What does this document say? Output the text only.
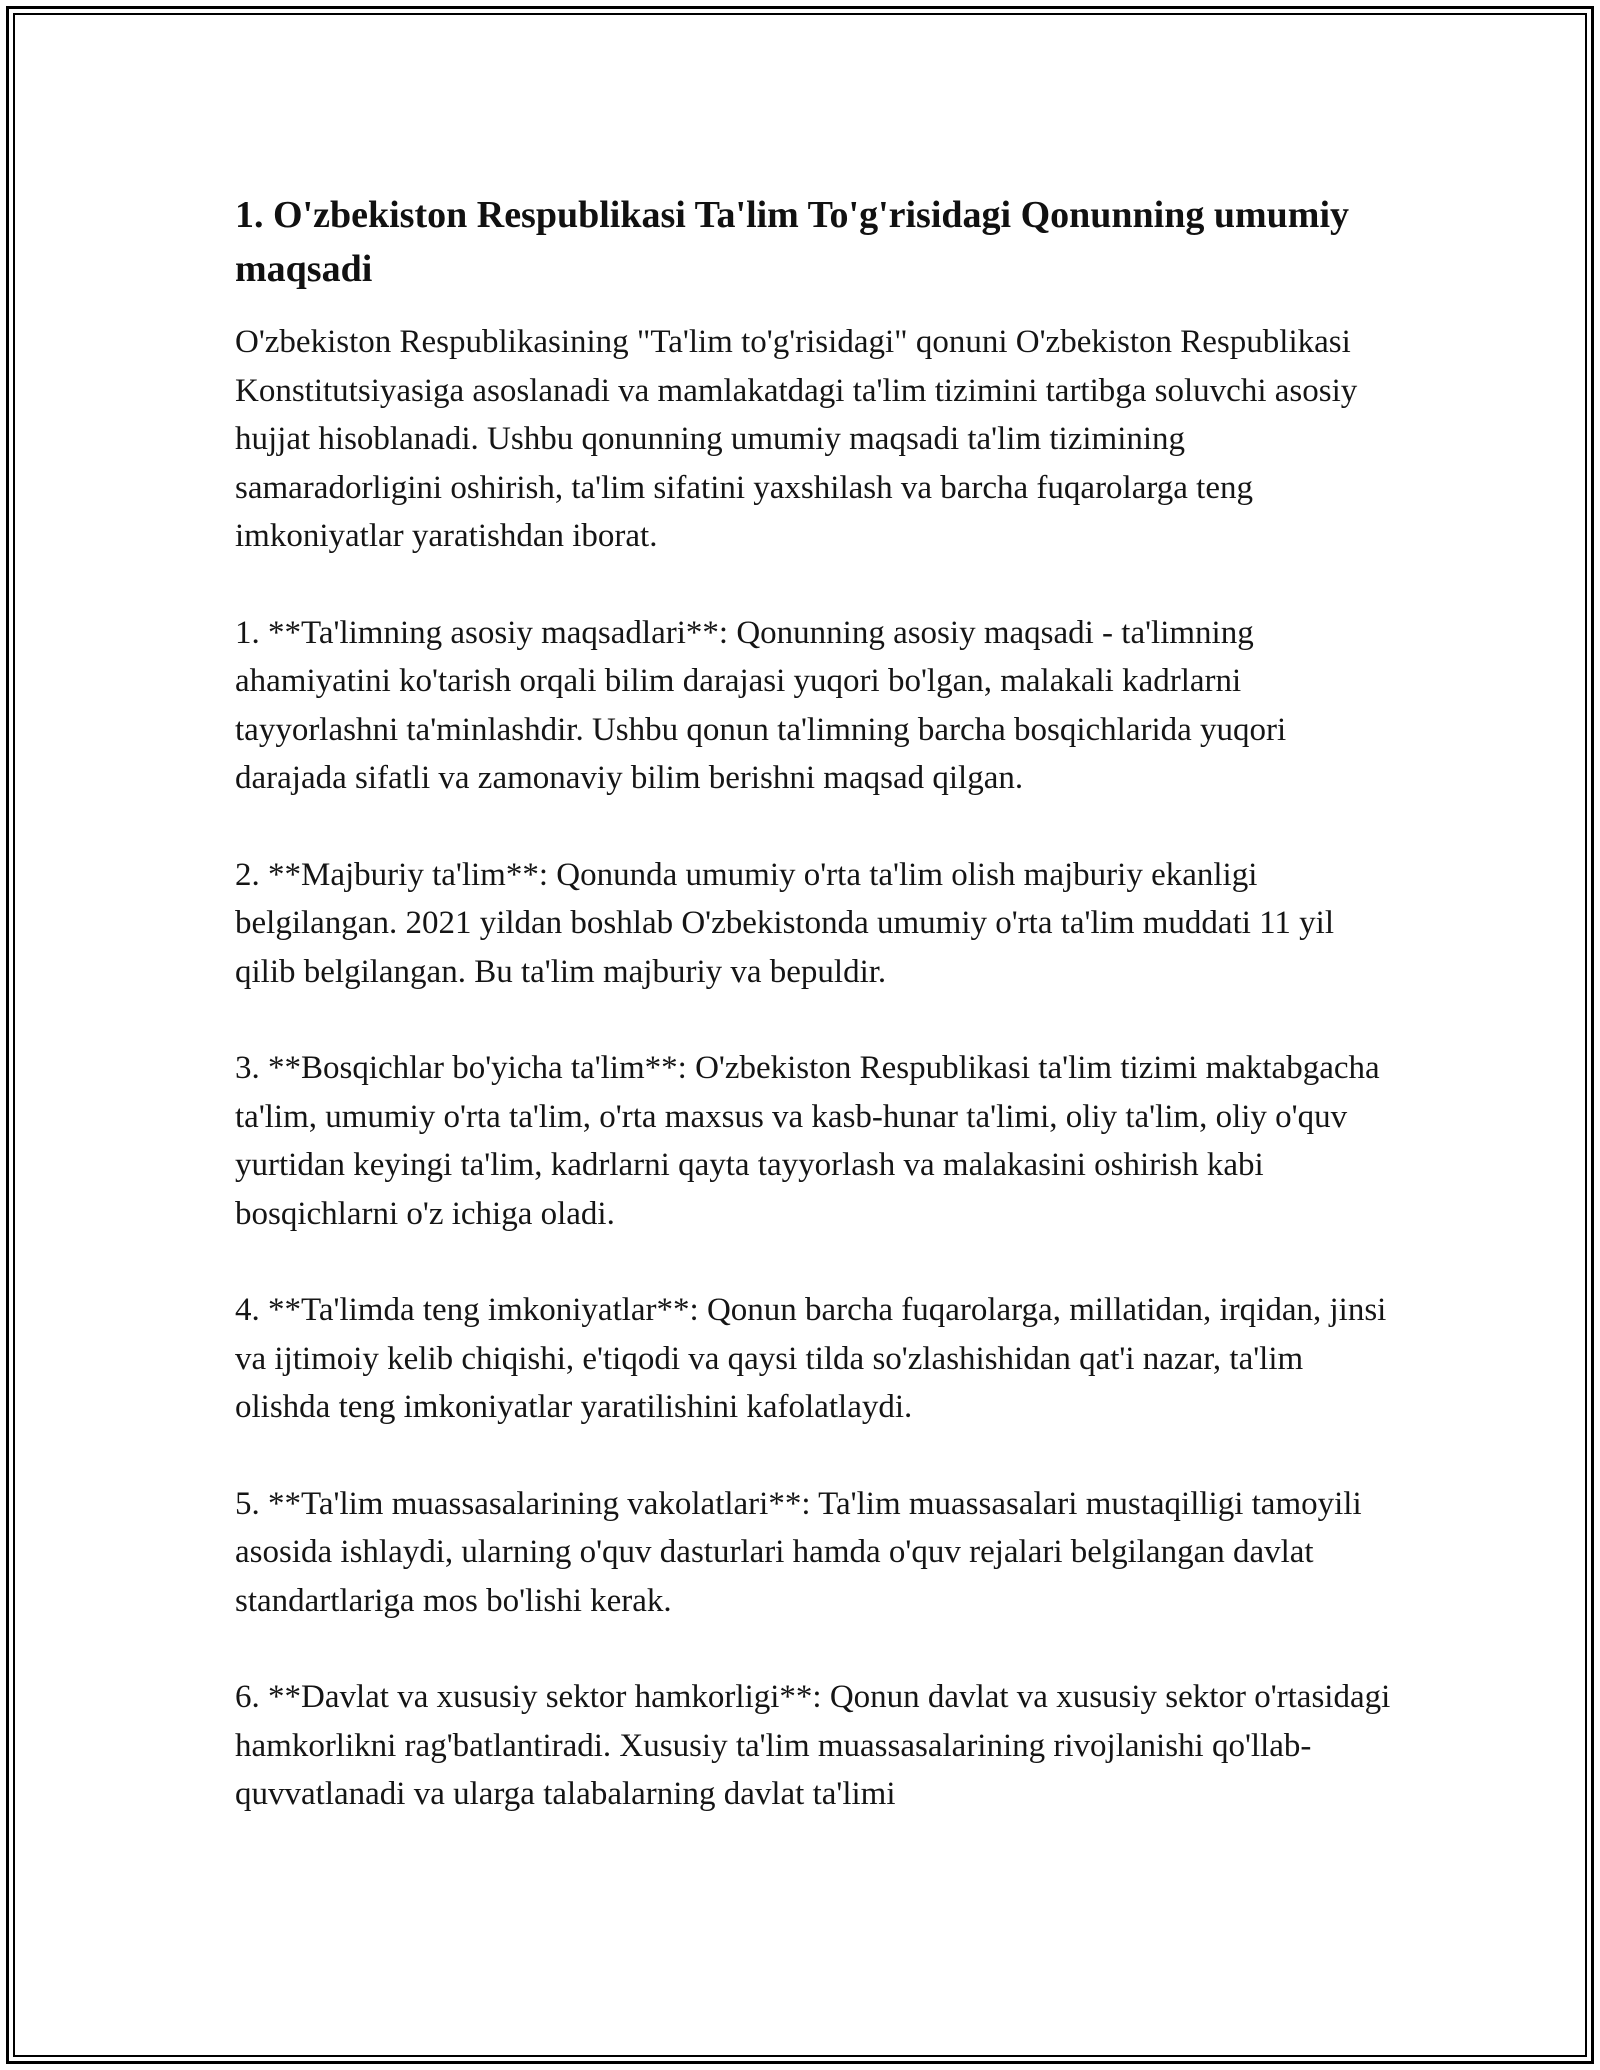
1. O'zbekiston Respublikasi Ta'lim To'g'risidagi Qonunning umumiy maqsadi

O'zbekiston Respublikasining "Ta'lim to'g'risidagi" qonuni O'zbekiston Respublikasi Konstitutsiyasiga asoslanadi va mamlakatdagi ta'lim tizimini tartibga soluvchi asosiy hujjat hisoblanadi. Ushbu qonunning umumiy maqsadi ta'lim tizimining samaradorligini oshirish, ta'lim sifatini yaxshilash va barcha fuqarolarga teng imkoniyatlar yaratishdan iborat.

1. **Ta'limning asosiy maqsadlari**: Qonunning asosiy maqsadi - ta'limning ahamiyatini ko'tarish orqali bilim darajasi yuqori bo'lgan, malakali kadrlarni tayyorlashni ta'minlashdir. Ushbu qonun ta'limning barcha bosqichlarida yuqori darajada sifatli va zamonaviy bilim berishni maqsad qilgan.

2. **Majburiy ta'lim**: Qonunda umumiy o'rta ta'lim olish majburiy ekanligi belgilangan. 2021 yildan boshlab O'zbekistonda umumiy o'rta ta'lim muddati 11 yil qilib belgilangan. Bu ta'lim majburiy va bepuldir.

3. **Bosqichlar bo'yicha ta'lim**: O'zbekiston Respublikasi ta'lim tizimi maktabgacha ta'lim, umumiy o'rta ta'lim, o'rta maxsus va kasb-hunar ta'limi, oliy ta'lim, oliy o'quv yurtidan keyingi ta'lim, kadrlarni qayta tayyorlash va malakasini oshirish kabi bosqichlarni o'z ichiga oladi.

4. **Ta'limda teng imkoniyatlar**: Qonun barcha fuqarolarga, millatidan, irqidan, jinsi va ijtimoiy kelib chiqishi, e'tiqodi va qaysi tilda so'zlashishidan qat'i nazar, ta'lim olishda teng imkoniyatlar yaratilishini kafolatlaydi.

5. **Ta'lim muassasalarining vakolatlari**: Ta'lim muassasalari mustaqilligi tamoyili asosida ishlaydi, ularning o'quv dasturlari hamda o'quv rejalari belgilangan davlat standartlariga mos bo'lishi kerak.

6. **Davlat va xususiy sektor hamkorligi**: Qonun davlat va xususiy sektor o'rtasidagi hamkorlikni rag'batlantiradi. Xususiy ta'lim muassasalarining rivojlanishi qo'llab-quvvatlanadi va ularga talabalarning davlat ta'limi
